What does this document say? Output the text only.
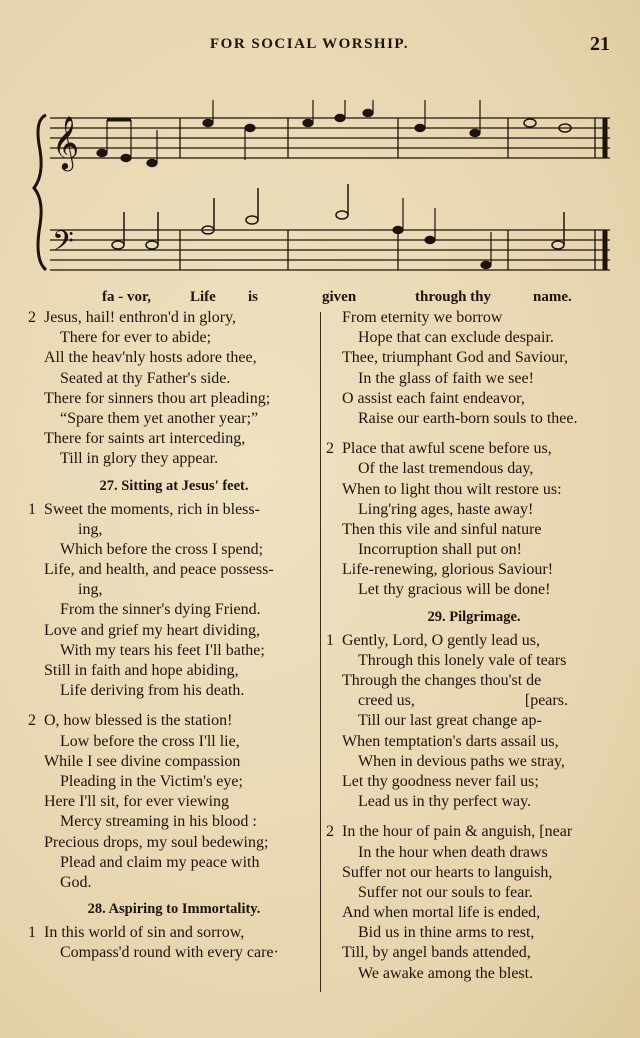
FOR SOCIAL WORSHIP.	21
𝄞
𝄢
fa - vor,	Life is	given	through thy	name.
2 Jesus, hail! enthron'd in glory,
There for ever to abide;
All the heav'nly hosts adore thee,
Seated at thy Father's side.
There for sinners thou art pleading;
“Spare them yet another year;”
There for saints art interceding,
Till in glory they appear.
27. Sitting at Jesus' feet.
1 Sweet the moments, rich in bless-
ing,
Which before the cross I spend;
Life, and health, and peace possess-
ing,
From the sinner's dying Friend.
Love and grief my heart dividing,
With my tears his feet I'll bathe;
Still in faith and hope abiding,
Life deriving from his death.
2 O, how blessed is the station!
Low before the cross I'll lie,
While I see divine compassion
Pleading in the Victim's eye;
Here I'll sit, for ever viewing
Mercy streaming in his blood :
Precious drops, my soul bedewing;
Plead and claim my peace with
God.
28. Aspiring to Immortality.
1 In this world of sin and sorrow,
Compass'd round with every care·
From eternity we borrow
Hope that can exclude despair.
Thee, triumphant God and Saviour,
In the glass of faith we see!
O assist each faint endeavor,
Raise our earth-born souls to thee.
2 Place that awful scene before us,
Of the last tremendous day,
When to light thou wilt restore us:
Ling'ring ages, haste away!
Then this vile and sinful nature
Incorruption shall put on!
Life-renewing, glorious Saviour!
Let thy gracious will be done!
29. Pilgrimage.
1 Gently, Lord, O gently lead us,
Through this lonely vale of tears
Through the changes thou'st de
creed us,	[pears.
Till our last great change ap-
When temptation's darts assail us,
When in devious paths we stray,
Let thy goodness never fail us;
Lead us in thy perfect way.
2 In the hour of pain & anguish, [near
In the hour when death draws
Suffer not our hearts to languish,
Suffer not our souls to fear.
And when mortal life is ended,
Bid us in thine arms to rest,
Till, by angel bands attended,
We awake among the blest.
